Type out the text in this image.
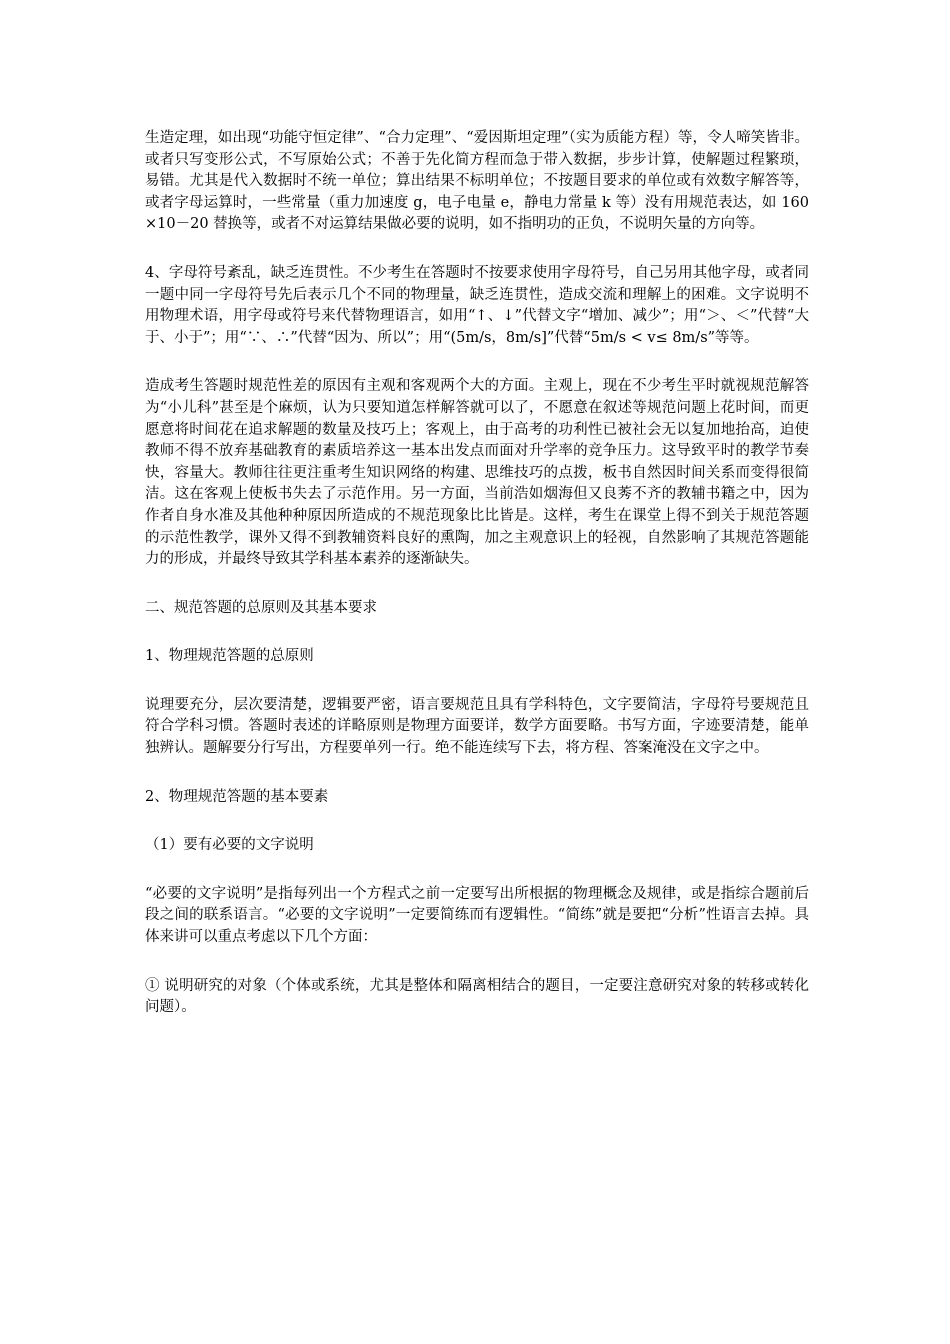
生造定理，如出现“功能守恒定律”、“合力定理”、“爱因斯坦定理”（实为质能方程）等，令人啼笑皆非。或者只写变形公式，不写原始公式；不善于先化简方程而急于带入数据，步步计算，使解题过程繁琐，易错。尤其是代入数据时不统一单位；算出结果不标明单位；不按题目要求的单位或有效数字解答等，或者字母运算时，一些常量（重力加速度 g，电子电量 e，静电力常量 k 等）没有用规范表达，如 160×10－20 替换等，或者不对运算结果做必要的说明，如不指明功的正负，不说明矢量的方向等。

4、字母符号紊乱，缺乏连贯性。不少考生在答题时不按要求使用字母符号，自己另用其他字母，或者同一题中同一字母符号先后表示几个不同的物理量，缺乏连贯性，造成交流和理解上的困难。文字说明不用物理术语，用字母或符号来代替物理语言，如用“↑、↓”代替文字“增加、减少”；用“＞、＜”代替“大于、小于”；用“∵、∴”代替“因为、所以”；用“(5m/s，8m/s]”代替“5m/s < v≤ 8m/s”等等。

造成考生答题时规范性差的原因有主观和客观两个大的方面。主观上，现在不少考生平时就视规范解答为“小儿科”甚至是个麻烦，认为只要知道怎样解答就可以了，不愿意在叙述等规范问题上花时间，而更愿意将时间花在追求解题的数量及技巧上；客观上，由于高考的功利性已被社会无以复加地抬高，迫使教师不得不放弃基础教育的素质培养这一基本出发点而面对升学率的竞争压力。这导致平时的教学节奏快，容量大。教师往往更注重考生知识网络的构建、思维技巧的点拨，板书自然因时间关系而变得很简洁。这在客观上使板书失去了示范作用。另一方面，当前浩如烟海但又良莠不齐的教辅书籍之中，因为作者自身水准及其他种种原因所造成的不规范现象比比皆是。这样，考生在课堂上得不到关于规范答题的示范性教学，课外又得不到教辅资料良好的熏陶，加之主观意识上的轻视，自然影响了其规范答题能力的形成，并最终导致其学科基本素养的逐渐缺失。

二、规范答题的总原则及其基本要求

1、物理规范答题的总原则

说理要充分，层次要清楚，逻辑要严密，语言要规范且具有学科特色，文字要简洁，字母符号要规范且符合学科习惯。答题时表述的详略原则是物理方面要详，数学方面要略。书写方面，字迹要清楚，能单独辨认。题解要分行写出，方程要单列一行。绝不能连续写下去，将方程、答案淹没在文字之中。

2、物理规范答题的基本要素

（1）要有必要的文字说明

“必要的文字说明”是指每列出一个方程式之前一定要写出所根据的物理概念及规律，或是指综合题前后段之间的联系语言。“必要的文字说明”一定要简练而有逻辑性。“简练”就是要把“分析”性语言去掉。具体来讲可以重点考虑以下几个方面：

① 说明研究的对象（个体或系统，尤其是整体和隔离相结合的题目，一定要注意研究对象的转移或转化问题）。
